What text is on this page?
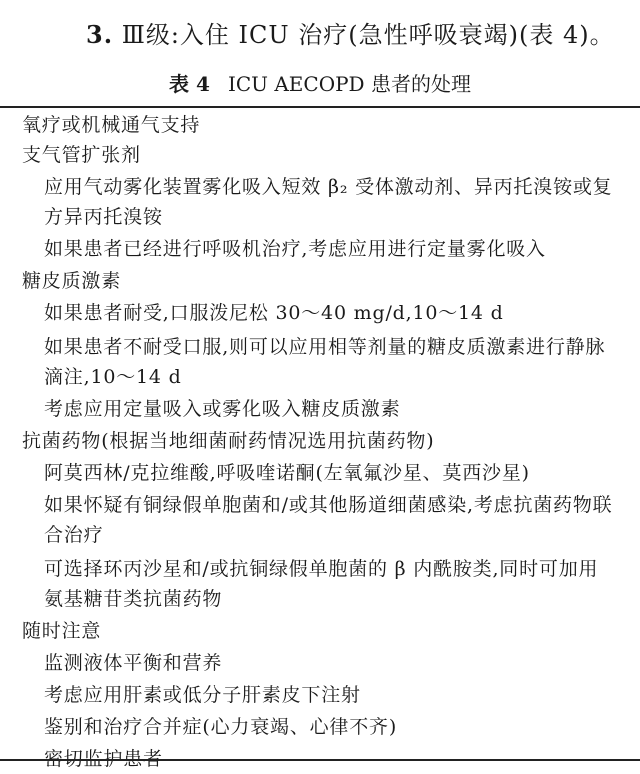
3. Ⅲ级:入住 ICU 治疗(急性呼吸衰竭)(表 4)。
表 4 ICU AECOPD 患者的处理
氧疗或机械通气支持
支气管扩张剂
应用气动雾化装置雾化吸入短效 β₂ 受体激动剂、异丙托溴铵或复方异丙托溴铵
如果患者已经进行呼吸机治疗,考虑应用进行定量雾化吸入
糖皮质激素
如果患者耐受,口服泼尼松 30～40 mg/d,10～14 d
如果患者不耐受口服,则可以应用相等剂量的糖皮质激素进行静脉滴注,10～14 d
考虑应用定量吸入或雾化吸入糖皮质激素
抗菌药物(根据当地细菌耐药情况选用抗菌药物)
阿莫西林/克拉维酸,呼吸喹诺酮(左氧氟沙星、莫西沙星)
如果怀疑有铜绿假单胞菌和/或其他肠道细菌感染,考虑抗菌药物联合治疗
可选择环丙沙星和/或抗铜绿假单胞菌的 β 内酰胺类,同时可加用氨基糖苷类抗菌药物
随时注意
监测液体平衡和营养
考虑应用肝素或低分子肝素皮下注射
鉴别和治疗合并症(心力衰竭、心律不齐)
密切监护患者
